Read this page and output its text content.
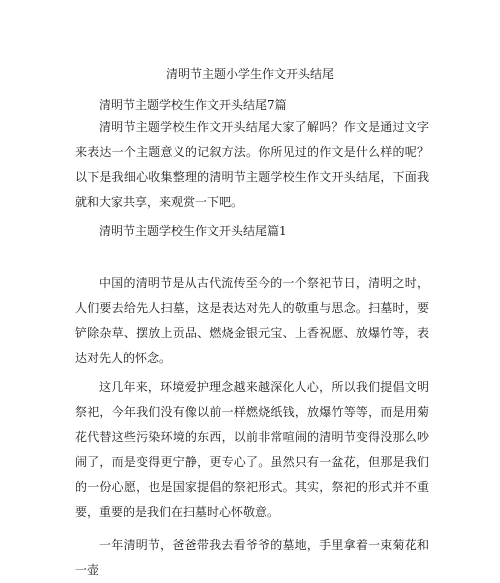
清明节主题小学生作文开头结尾
清明节主题学校生作文开头结尾7篇

清明节主题学校生作文开头结尾大家了解吗？作文是通过文字来表达一个主题意义的记叙方法。你所见过的作文是什么样的呢？以下是我细心收集整理的清明节主题学校生作文开头结尾，下面我就和大家共享，来观赏一下吧。

清明节主题学校生作文开头结尾篇1

中国的清明节是从古代流传至今的一个祭祀节日，清明之时，人们要去给先人扫墓，这是表达对先人的敬重与思念。扫墓时，要铲除杂草、摆放上贡品、燃烧金银元宝、上香祝愿、放爆竹等，表达对先人的怀念。

这几年来，环境爱护理念越来越深化人心，所以我们提倡文明祭祀，今年我们没有像以前一样燃烧纸钱，放爆竹等等，而是用菊花代替这些污染环境的东西，以前非常喧闹的清明节变得没那么吵闹了，而是变得更宁静，更专心了。虽然只有一盆花，但那是我们的一份心愿，也是国家提倡的祭祀形式。其实，祭祀的形式并不重要，重要的是我们在扫墓时心怀敬意。

一年清明节，爸爸带我去看爷爷的墓地，手里拿着一束菊花和一壶
